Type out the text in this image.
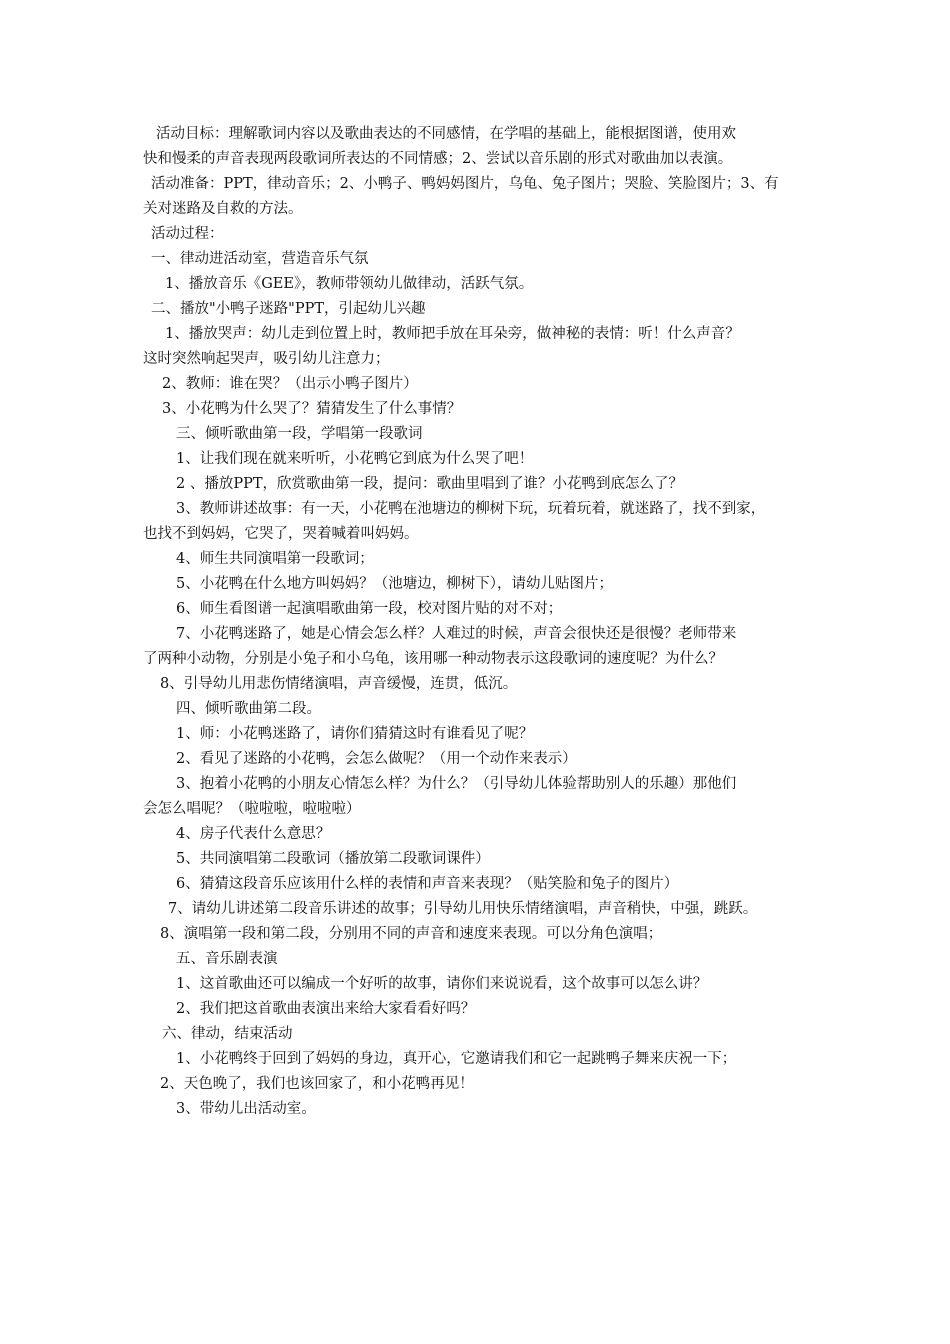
活动目标：理解歌词内容以及歌曲表达的不同感情，在学唱的基础上，能根据图谱，使用欢
快和慢柔的声音表现两段歌词所表达的不同情感；2、尝试以音乐剧的形式对歌曲加以表演。
活动准备：PPT，律动音乐；2、小鸭子、鸭妈妈图片，乌龟、兔子图片；哭脸、笑脸图片；3、有
关对迷路及自救的方法。
活动过程：
一、律动进活动室，营造音乐气氛
1、播放音乐《GEE》，教师带领幼儿做律动，活跃气氛。
二、播放"小鸭子迷路"PPT，引起幼儿兴趣
1、播放哭声：幼儿走到位置上时，教师把手放在耳朵旁，做神秘的表情：听！什么声音？
这时突然响起哭声，吸引幼儿注意力；
2、教师：谁在哭？（出示小鸭子图片）
3、小花鸭为什么哭了？猜猜发生了什么事情？
三、倾听歌曲第一段，学唱第一段歌词
1、让我们现在就来听听，小花鸭它到底为什么哭了吧！
2 、播放PPT，欣赏歌曲第一段，提问：歌曲里唱到了谁？小花鸭到底怎么了？
3、教师讲述故事：有一天，小花鸭在池塘边的柳树下玩，玩着玩着，就迷路了，找不到家，
也找不到妈妈，它哭了，哭着喊着叫妈妈。
4、师生共同演唱第一段歌词；
5、小花鸭在什么地方叫妈妈？（池塘边，柳树下），请幼儿贴图片；
6、师生看图谱一起演唱歌曲第一段，校对图片贴的对不对；
7、小花鸭迷路了，她是心情会怎么样？人难过的时候，声音会很快还是很慢？老师带来
了两种小动物，分别是小兔子和小乌龟，该用哪一种动物表示这段歌词的速度呢？为什么？
8、引导幼儿用悲伤情绪演唱，声音缓慢，连贯，低沉。
四、倾听歌曲第二段。
1、师：小花鸭迷路了，请你们猜猜这时有谁看见了呢？
2、看见了迷路的小花鸭，会怎么做呢？（用一个动作来表示）
3、抱着小花鸭的小朋友心情怎么样？为什么？（引导幼儿体验帮助别人的乐趣）那他们
会怎么唱呢？（啦啦啦，啦啦啦）
4、房子代表什么意思？
5、共同演唱第二段歌词（播放第二段歌词课件）
6、猜猜这段音乐应该用什么样的表情和声音来表现？（贴笑脸和兔子的图片）
7、请幼儿讲述第二段音乐讲述的故事；引导幼儿用快乐情绪演唱，声音稍快，中强，跳跃。
8、演唱第一段和第二段，分别用不同的声音和速度来表现。可以分角色演唱；
五、音乐剧表演
1、这首歌曲还可以编成一个好听的故事，请你们来说说看，这个故事可以怎么讲？
2、我们把这首歌曲表演出来给大家看看好吗？
六、律动，结束活动
1、小花鸭终于回到了妈妈的身边，真开心，它邀请我们和它一起跳鸭子舞来庆祝一下；
2、天色晚了，我们也该回家了，和小花鸭再见！
3、带幼儿出活动室。
